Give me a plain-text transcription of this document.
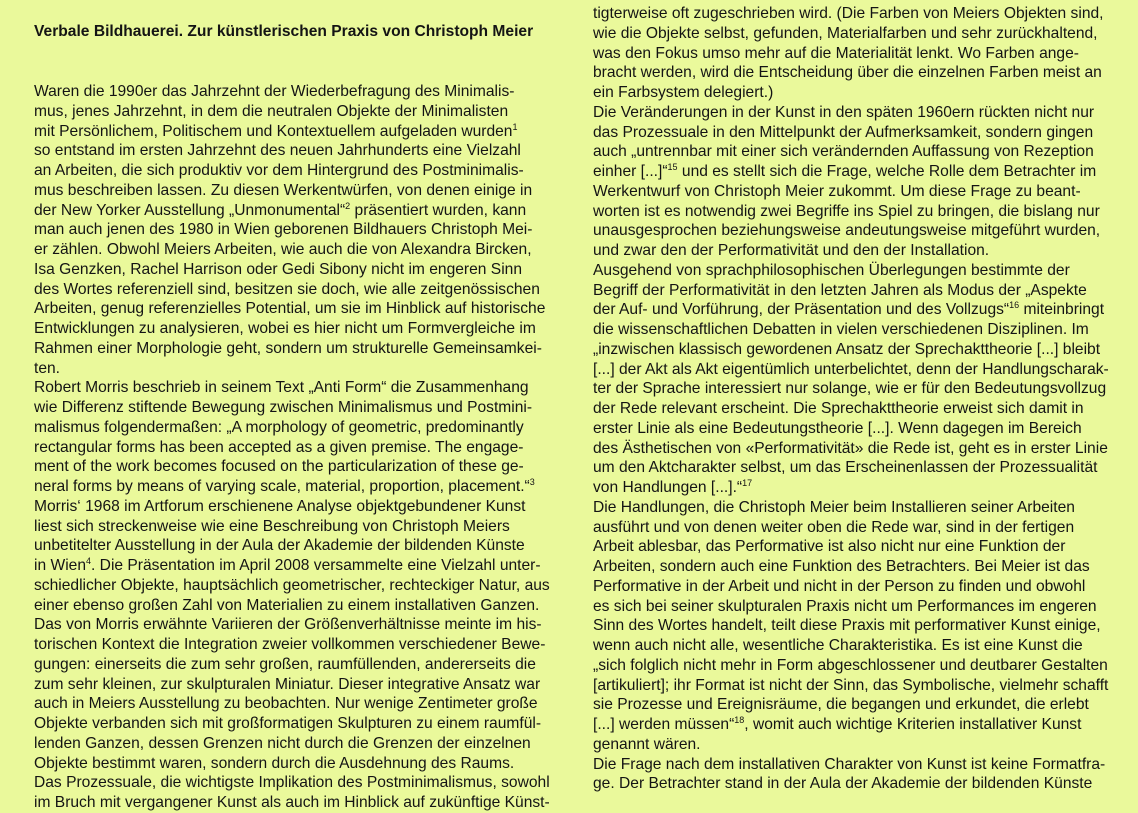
Verbale Bildhauerei. Zur künstlerischen Praxis von Christoph Meier
Waren die 1990er das Jahrzehnt der Wiederbefragung des Minimalis-
mus, jenes Jahrzehnt, in dem die neutralen Objekte der Minimalisten
mit Persönlichem, Politischem und Kontextuellem aufgeladen wurden$^1$
so entstand im ersten Jahrzehnt des neuen Jahrhunderts eine Vielzahl
an Arbeiten, die sich produktiv vor dem Hintergrund des Postminimalis-
mus beschreiben lassen. Zu diesen Werkentwürfen, von denen einige in
der New Yorker Ausstellung „Unmonumental“$^2$ präsentiert wurden, kann
man auch jenen des 1980 in Wien geborenen Bildhauers Christoph Mei-
er zählen. Obwohl Meiers Arbeiten, wie auch die von Alexandra Bircken,
Isa Genzken, Rachel Harrison oder Gedi Sibony nicht im engeren Sinn
des Wortes referenziell sind, besitzen sie doch, wie alle zeitgenössischen
Arbeiten, genug referenzielles Potential, um sie im Hinblick auf historische
Entwicklungen zu analysieren, wobei es hier nicht um Formvergleiche im
Rahmen einer Morphologie geht, sondern um strukturelle Gemeinsamkei-
ten.
Robert Morris beschrieb in seinem Text „Anti Form“ die Zusammenhang
wie Differenz stiftende Bewegung zwischen Minimalismus und Postmini-
malismus folgendermaßen: „A morphology of geometric, predominantly
rectangular forms has been accepted as a given premise. The engage-
ment of the work becomes focused on the particularization of these ge-
neral forms by means of varying scale, material, proportion, placement.“$^3$
Morris‘ 1968 im Artforum erschienene Analyse objektgebundener Kunst
liest sich streckenweise wie eine Beschreibung von Christoph Meiers
unbetitelter Ausstellung in der Aula der Akademie der bildenden Künste
in Wien$^4$. Die Präsentation im April 2008 versammelte eine Vielzahl unter-
schiedlicher Objekte, hauptsächlich geometrischer, rechteckiger Natur, aus
einer ebenso großen Zahl von Materialien zu einem installativen Ganzen.
Das von Morris erwähnte Variieren der Größenverhältnisse meinte im his-
torischen Kontext die Integration zweier vollkommen verschiedener Bewe-
gungen: einerseits die zum sehr großen, raumfüllenden, andererseits die
zum sehr kleinen, zur skulpturalen Miniatur. Dieser integrative Ansatz war
auch in Meiers Ausstellung zu beobachten. Nur wenige Zentimeter große
Objekte verbanden sich mit großformatigen Skulpturen zu einem raumfül-
lenden Ganzen, dessen Grenzen nicht durch die Grenzen der einzelnen
Objekte bestimmt waren, sondern durch die Ausdehnung des Raums.
Das Prozessuale, die wichtigste Implikation des Postminimalismus, sowohl
im Bruch mit vergangener Kunst als auch im Hinblick auf zukünftige Künst-
tigterweise oft zugeschrieben wird. (Die Farben von Meiers Objekten sind,
wie die Objekte selbst, gefunden, Materialfarben und sehr zurückhaltend,
was den Fokus umso mehr auf die Materialität lenkt. Wo Farben ange-
bracht werden, wird die Entscheidung über die einzelnen Farben meist an
ein Farbsystem delegiert.)
Die Veränderungen in der Kunst in den späten 1960ern rückten nicht nur
das Prozessuale in den Mittelpunkt der Aufmerksamkeit, sondern gingen
auch „untrennbar mit einer sich verändernden Auffassung von Rezeption
einher [...]“$^{15}$ und es stellt sich die Frage, welche Rolle dem Betrachter im
Werkentwurf von Christoph Meier zukommt. Um diese Frage zu beant-
worten ist es notwendig zwei Begriffe ins Spiel zu bringen, die bislang nur
unausgesprochen beziehungsweise andeutungsweise mitgeführt wurden,
und zwar den der Performativität und den der Installation.
Ausgehend von sprachphilosophischen Überlegungen bestimmte der
Begriff der Performativität in den letzten Jahren als Modus der „Aspekte
der Auf- und Vorführung, der Präsentation und des Vollzugs“$^{16}$ miteinbringt
die wissenschaftlichen Debatten in vielen verschiedenen Disziplinen. Im
„inzwischen klassisch gewordenen Ansatz der Sprechakttheorie [...] bleibt
[...] der Akt als Akt eigentümlich unterbelichtet, denn der Handlungscharak-
ter der Sprache interessiert nur solange, wie er für den Bedeutungsvollzug
der Rede relevant erscheint. Die Sprechakttheorie erweist sich damit in
erster Linie als eine Bedeutungstheorie [...]. Wenn dagegen im Bereich
des Ästhetischen von «Performativität» die Rede ist, geht es in erster Linie
um den Aktcharakter selbst, um das Erscheinenlassen der Prozessualität
von Handlungen [...].“$^{17}$
Die Handlungen, die Christoph Meier beim Installieren seiner Arbeiten
ausführt und von denen weiter oben die Rede war, sind in der fertigen
Arbeit ablesbar, das Performative ist also nicht nur eine Funktion der
Arbeiten, sondern auch eine Funktion des Betrachters. Bei Meier ist das
Performative in der Arbeit und nicht in der Person zu finden und obwohl
es sich bei seiner skulpturalen Praxis nicht um Performances im engeren
Sinn des Wortes handelt, teilt diese Praxis mit performativer Kunst einige,
wenn auch nicht alle, wesentliche Charakteristika. Es ist eine Kunst die
„sich folglich nicht mehr in Form abgeschlossener und deutbarer Gestalten
[artikuliert]; ihr Format ist nicht der Sinn, das Symbolische, vielmehr schafft
sie Prozesse und Ereignisräume, die begangen und erkundet, die erlebt
[...] werden müssen“$^{18}$, womit auch wichtige Kriterien installativer Kunst
genannt wären.
Die Frage nach dem installativen Charakter von Kunst ist keine Formatfra-
ge. Der Betrachter stand in der Aula der Akademie der bildenden Künste
